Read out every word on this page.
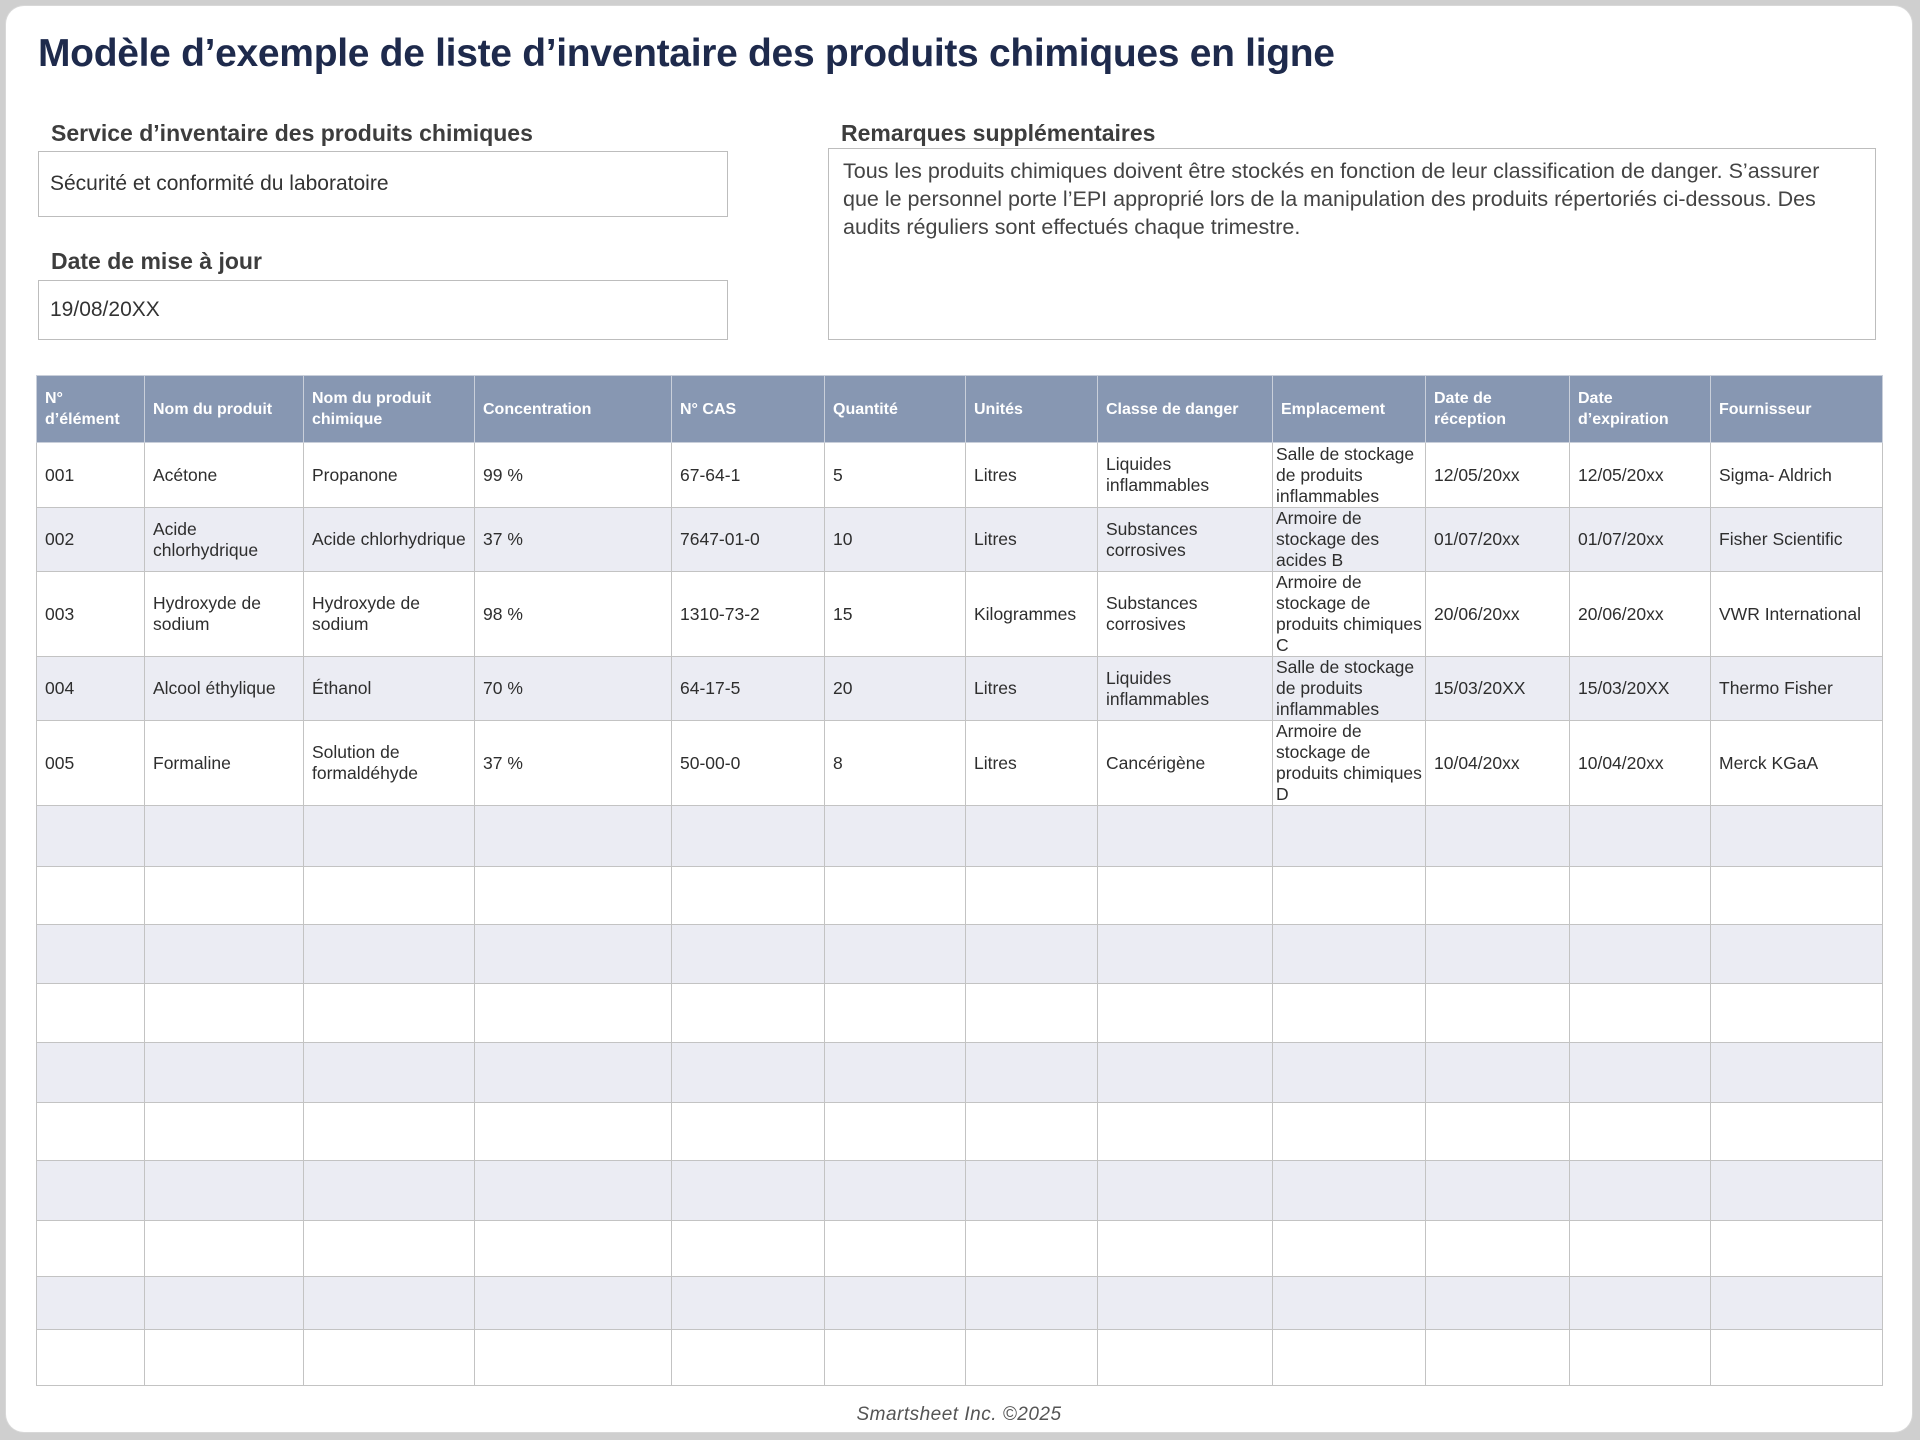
Modèle d’exemple de liste d’inventaire des produits chimiques en ligne
Service d’inventaire des produits chimiques
Sécurité et conformité du laboratoire
Date de mise à jour
19/08/20XX
Remarques supplémentaires
Tous les produits chimiques doivent être stockés en fonction de leur classification de danger. S’assurer que le personnel porte l’EPI approprié lors de la manipulation des produits répertoriés ci-dessous. Des audits réguliers sont effectués chaque trimestre.
N° d’élément	Nom du produit	Nom du produit chimique	Concentration	N° CAS	Quantité	Unités	Classe de danger	Emplacement	Date de réception	Date d’expiration	Fournisseur
001	Acétone	Propanone	99 %	67-64-1	5	Litres	Liquides inflammables	Salle de stockage de produits inflammables	12/05/20xx	12/05/20xx	Sigma- Aldrich
002	Acide chlorhydrique	Acide chlorhydrique	37 %	7647-01-0	10	Litres	Substances corrosives	Armoire de stockage des acides B	01/07/20xx	01/07/20xx	Fisher Scientific
003	Hydroxyde de sodium	Hydroxyde de sodium	98 %	1310-73-2	15	Kilogrammes	Substances corrosives	Armoire de stockage de produits chimiques C	20/06/20xx	20/06/20xx	VWR International
004	Alcool éthylique	Éthanol	70 %	64-17-5	20	Litres	Liquides inflammables	Salle de stockage de produits inflammables	15/03/20XX	15/03/20XX	Thermo Fisher
005	Formaline	Solution de formaldéhyde	37 %	50-00-0	8	Litres	Cancérigène	Armoire de stockage de produits chimiques D	10/04/20xx	10/04/20xx	Merck KGaA

Smartsheet Inc. ©2025
